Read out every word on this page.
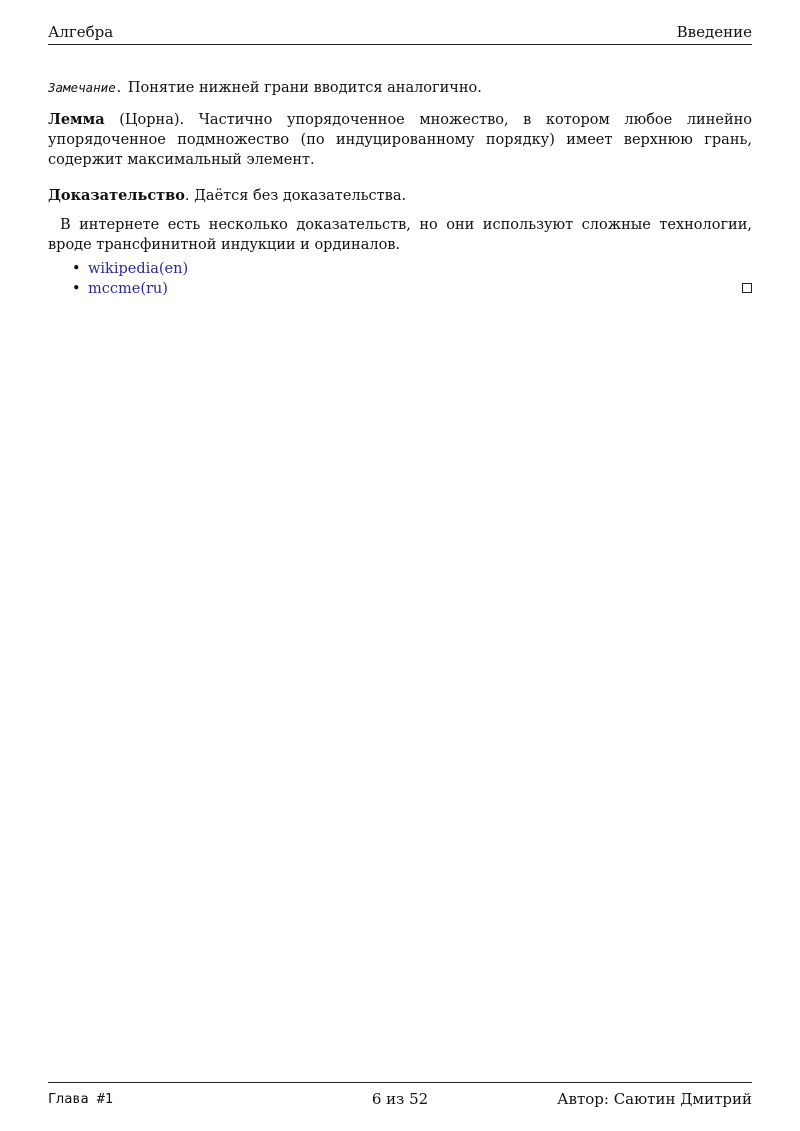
Алгебра	Введение

Замечание. Понятие нижней грани вводится аналогично.

Лемма (Цорна). Частично упорядоченное множество, в котором любое линейно упорядоченное подмножество (по индуцированному порядку) имеет верхнюю грань, содержит максимальный элемент.

Доказательство. Даётся без доказательства.

В интернете есть несколько доказательств, но они используют сложные технологии, вроде трансфинитной индукции и ординалов.

• wikipedia(en)
• mccme(ru)
Глава #1	6 из 52	Автор: Саютин Дмитрий
